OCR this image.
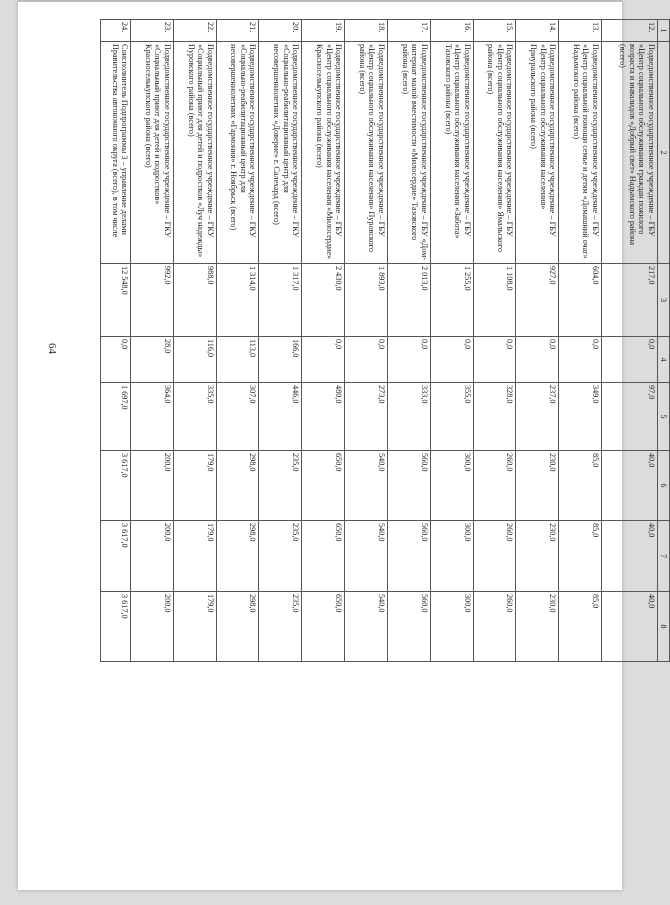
64
1	2	3	4	5	6	7	8
12.	Подведомственное государственное учреждение – ГБУ «Центр социального обслуживания граждан пожилого возраста и инвалидов «Добрый свет» Надымского района (всего)	217,0	0,0	97,0	40,0	40,0	40,0
13.	Подведомственное государственное учреждение – ГБУ «Центр социальной помощи семье и детям «Домашний очаг» Надымского района (всего)	604,0	0,0	349,0	85,0	85,0	85,0
14.	Подведомственное государственное учреждение – ГБУ «Центр социального обслуживания населения» Приуральского района (всего)	927,0	0,0	237,0	230,0	230,0	230,0
15.	Подведомственное государственное учреждение – ГБУ «Центр социального обслуживания населения» Ямальского района (всего)	1 108,0	0,0	328,0	260,0	260,0	260,0
16.	Подведомственное государственное учреждение – ГБУ «Центр социального обслуживания населения «Забота» Тазовского района (всего)	1 255,0	0,0	355,0	300,0	300,0	300,0
17.	Подведомственное государственное учреждение – ГБУ «Дом-интернат малой вместимости «Милосердие» Тазовского района (всего)	2 013,0	0,0	333,0	560,0	560,0	560,0
18.	Подведомственное государственное учреждение – ГБУ «Центр социального обслуживания населения» Пуровского района (всего)	1 893,0	0,0	273,0	540,0	540,0	540,0
19.	Подведомственное государственное учреждение – ГБУ «Центр социального обслуживания населения «Милосердие» Красноселькупского района (всего)	2 430,0	0,0	480,0	650,0	650,0	650,0
20.	Подведомственное государственное учреждение – ГКУ «Социально-реабилитационный центр для несовершеннолетних «Доверие» г. Салехард (всего)	1 317,0	166,0	446,0	235,0	235,0	235,0
21.	Подведомственное государственное учреждение – ГКУ «Социально-реабилитационный центр для несовершеннолетних «Гармония» г. Ноябрьск (всего)	1 314,0	113,0	307,0	298,0	298,0	298,0
22.	Подведомственное государственное учреждение – ГКУ «Социальный приют для детей и подростков «Луч надежды» Пуровского района (всего)	988,0	116,0	335,0	179,0	179,0	179,0
23.	Подведомственное государственное учреждение – ГКУ «Социальный приют для детей и подростков» Красноселькупского района (всего)	992,0	28,0	364,0	200,0	200,0	200,0
24.	Соисполнитель Подпрограммы 3 – управление делами Правительства автономного округа (всего), в том числе	12 548,0	0,0	1 697,0	3 617,0	3 617,0	3 617,0
